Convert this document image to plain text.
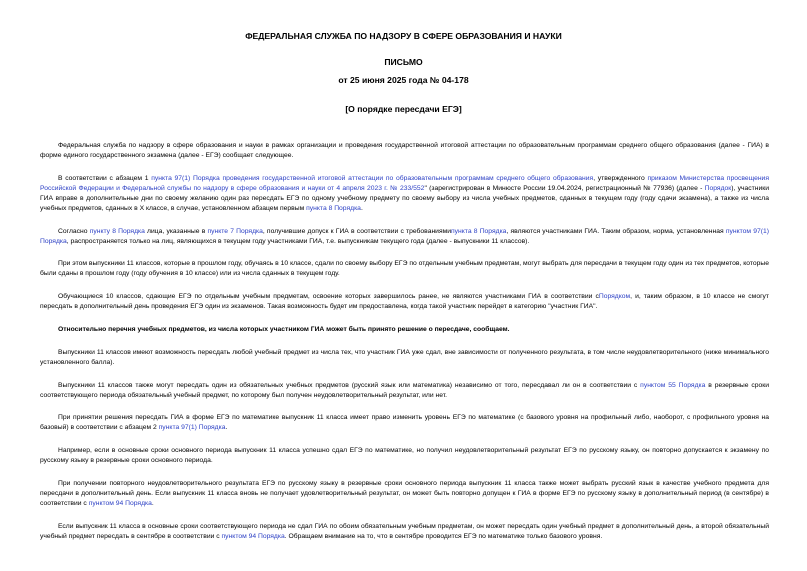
ФЕДЕРАЛЬНАЯ СЛУЖБА ПО НАДЗОРУ В СФЕРЕ ОБРАЗОВАНИЯ И НАУКИ
ПИСЬМО
от 25 июня 2025 года № 04-178
[О порядке пересдачи ЕГЭ]

Федеральная служба по надзору в сфере образования и науки в рамках организации и проведения государственной итоговой аттестации по образовательным программам среднего общего образования (далее - ГИА) в форме единого государственного экзамена (далее - ЕГЭ) сообщает следующее.

В соответствии с абзацем 1 пункта 97(1) Порядка проведения государственной итоговой аттестации по образовательным программам среднего общего образования, утвержденного приказом Министерства просвещения Российской Федерации и Федеральной службы по надзору в сфере образования и науки от 4 апреля 2023 г. № 233/552" (зарегистрирован в Минюсте России 19.04.2024, регистрационный № 77936) (далее - Порядок), участники ГИА вправе в дополнительные дни по своему желанию один раз пересдать ЕГЭ по одному учебному предмету по своему выбору из числа учебных предметов, сданных в текущем году (году сдачи экзамена), а также из числа учебных предметов, сданных в X классе, в случае, установленном абзацем первым пункта 8 Порядка.

Согласно пункту 8 Порядка лица, указанные в пункте 7 Порядка, получившие допуск к ГИА в соответствии с требованиямипункта 8 Порядка, являются участниками ГИА. Таким образом, норма, установленная пунктом 97(1) Порядка, распространяется только на лиц, являющихся в текущем году участниками ГИА, т.е. выпускникам текущего года (далее - выпускники 11 классов).

При этом выпускники 11 классов, которые в прошлом году, обучаясь в 10 классе, сдали по своему выбору ЕГЭ по отдельным учебным предметам, могут выбрать для пересдачи в текущем году один из тех предметов, которые были сданы в прошлом году (году обучения в 10 классе) или из числа сданных в текущем году.

Обучающиеся 10 классов, сдающие ЕГЭ по отдельным учебным предметам, освоение которых завершилось ранее, не являются участниками ГИА в соответствии сПорядком, и, таким образом, в 10 классе не смогут пересдать в дополнительный день проведения ЕГЭ один из экзаменов. Такая возможность будет им предоставлена, когда такой участник перейдет в категорию "участник ГИА".

Относительно перечня учебных предметов, из числа которых участником ГИА может быть принято решение о пересдаче, сообщаем.

Выпускники 11 классов имеют возможность пересдать любой учебный предмет из числа тех, что участник ГИА уже сдал, вне зависимости от полученного результата, в том числе неудовлетворительного (ниже минимального установленного балла).

Выпускники 11 классов также могут пересдать один из обязательных учебных предметов (русский язык или математика) независимо от того, пересдавал ли он в соответствии с пунктом 55 Порядка в резервные сроки соответствующего периода обязательный учебный предмет, по которому был получен неудовлетворительный результат, или нет.

При принятии решения пересдать ГИА в форме ЕГЭ по математике выпускник 11 класса имеет право изменить уровень ЕГЭ по математике (с базового уровня на профильный либо, наоборот, с профильного уровня на базовый) в соответствии с абзацем 2 пункта 97(1) Порядка.

Например, если в основные сроки основного периода выпускник 11 класса успешно сдал ЕГЭ по математике, но получил неудовлетворительный результат ЕГЭ по русскому языку, он повторно допускается к экзамену по русскому языку в резервные сроки основного периода.

При получении повторного неудовлетворительного результата ЕГЭ по русскому языку в резервные сроки основного периода выпускник 11 класса также может выбрать русский язык в качестве учебного предмета для пересдачи в дополнительный день. Если выпускник 11 класса вновь не получает удовлетворительный результат, он может быть повторно допущен к ГИА в форме ЕГЭ по русскому языку в дополнительный период (в сентябре) в соответствии с пунктом 94 Порядка.

Если выпускник 11 класса в основные сроки соответствующего периода не сдал ГИА по обоим обязательным учебным предметам, он может пересдать один учебный предмет в дополнительный день, а второй обязательный учебный предмет пересдать в сентябре в соответствии с пунктом 94 Порядка. Обращаем внимание на то, что в сентябре проводится ЕГЭ по математике только базового уровня.
